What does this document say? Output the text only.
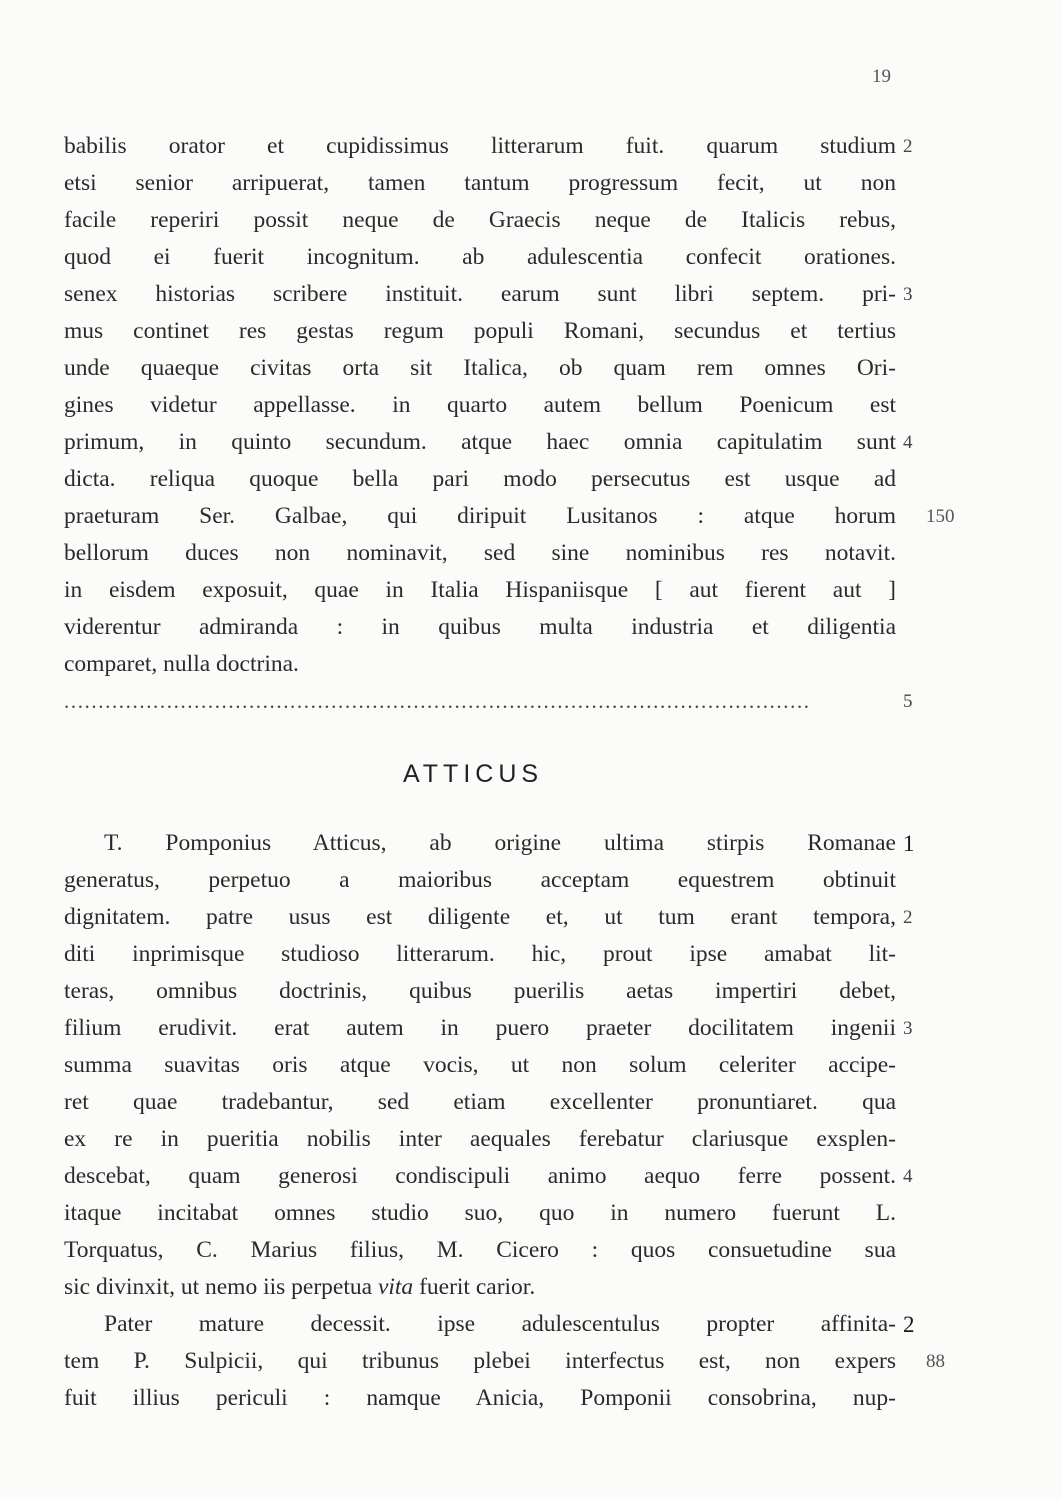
19
babilis orator et cupidissimus litterarum fuit. quarum studium 2
etsi senior arripuerat, tamen tantum progressum fecit, ut non
facile reperiri possit neque de Graecis neque de Italicis rebus,
quod ei fuerit incognitum. ab adulescentia confecit orationes.
senex historias scribere instituit. earum sunt libri septem. pri- 3
mus continet res gestas regum populi Romani, secundus et tertius
unde quaeque civitas orta sit Italica, ob quam rem omnes Ori-
gines videtur appellasse. in quarto autem bellum Poenicum est
primum, in quinto secundum. atque haec omnia capitulatim sunt 4
dicta. reliqua quoque bella pari modo persecutus est usque ad
praeturam Ser. Galbae, qui diripuit Lusitanos : atque horum 150
bellorum duces non nominavit, sed sine nominibus res notavit.
in eisdem exposuit, quae in Italia Hispaniisque [ aut fierent aut ]
viderentur admiranda : in quibus multa industria et diligentia
comparet, nulla doctrina.
.............................................................................................................	5
ATTICUS
T. Pomponius Atticus, ab origine ultima stirpis Romanae 1
generatus, perpetuo a maioribus acceptam equestrem obtinuit
dignitatem. patre usus est diligente et, ut tum erant tempora, 2
diti inprimisque studioso litterarum. hic, prout ipse amabat lit-
teras, omnibus doctrinis, quibus puerilis aetas impertiri debet,
filium erudivit. erat autem in puero praeter docilitatem ingenii 3
summa suavitas oris atque vocis, ut non solum celeriter accipe-
ret quae tradebantur, sed etiam excellenter pronuntiaret. qua
ex re in pueritia nobilis inter aequales ferebatur clariusque exsplen-
descebat, quam generosi condiscipuli animo aequo ferre possent. 4
itaque incitabat omnes studio suo, quo in numero fuerunt L.
Torquatus, C. Marius filius, M. Cicero : quos consuetudine sua
sic divinxit, ut nemo iis perpetua vita fuerit carior.
Pater mature decessit. ipse adulescentulus propter affinita- 2
tem P. Sulpicii, qui tribunus plebei interfectus est, non expers 88
fuit illius periculi : namque Anicia, Pomponii consobrina, nup-
